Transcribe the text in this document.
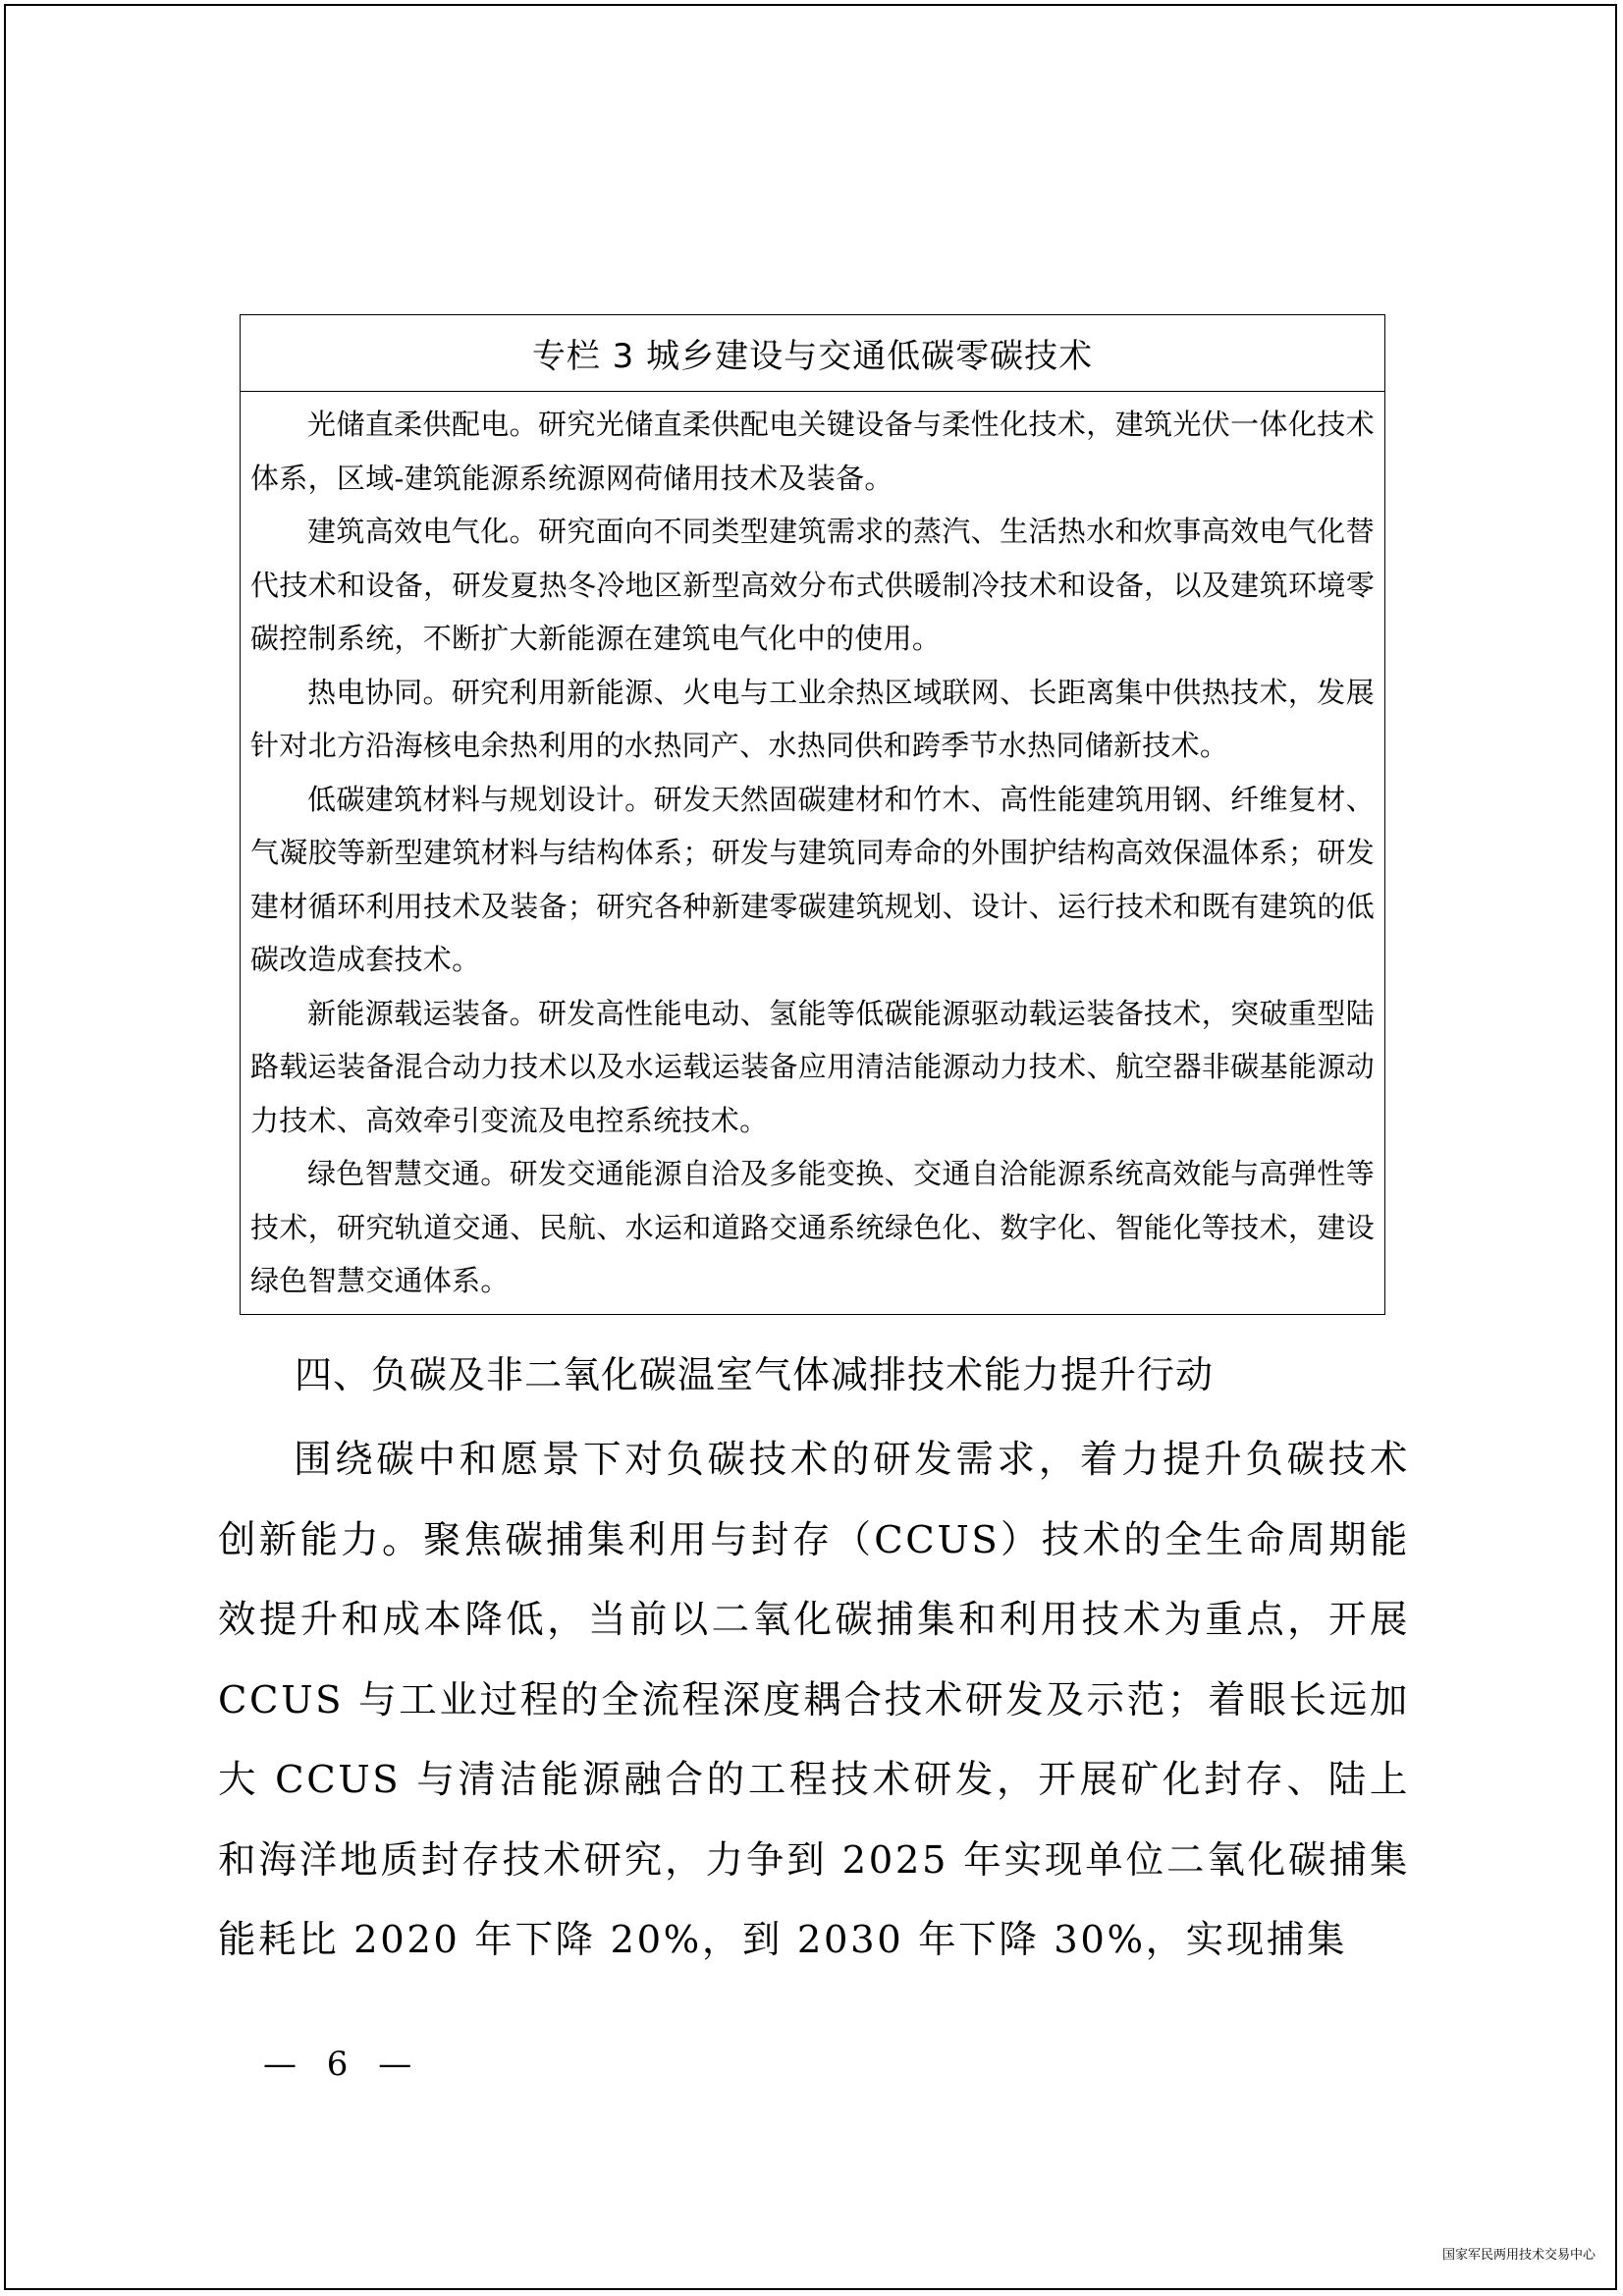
专栏 3 城乡建设与交通低碳零碳技术

光储直柔供配电。研究光储直柔供配电关键设备与柔性化技术，建筑光伏一体化技术体系，区域-建筑能源系统源网荷储用技术及装备。

建筑高效电气化。研究面向不同类型建筑需求的蒸汽、生活热水和炊事高效电气化替代技术和设备，研发夏热冬冷地区新型高效分布式供暖制冷技术和设备，以及建筑环境零碳控制系统，不断扩大新能源在建筑电气化中的使用。

热电协同。研究利用新能源、火电与工业余热区域联网、长距离集中供热技术，发展针对北方沿海核电余热利用的水热同产、水热同供和跨季节水热同储新技术。

低碳建筑材料与规划设计。研发天然固碳建材和竹木、高性能建筑用钢、纤维复材、气凝胶等新型建筑材料与结构体系；研发与建筑同寿命的外围护结构高效保温体系；研发建材循环利用技术及装备；研究各种新建零碳建筑规划、设计、运行技术和既有建筑的低碳改造成套技术。

新能源载运装备。研发高性能电动、氢能等低碳能源驱动载运装备技术，突破重型陆路载运装备混合动力技术以及水运载运装备应用清洁能源动力技术、航空器非碳基能源动力技术、高效牵引变流及电控系统技术。

绿色智慧交通。研发交通能源自洽及多能变换、交通自洽能源系统高效能与高弹性等技术，研究轨道交通、民航、水运和道路交通系统绿色化、数字化、智能化等技术，建设绿色智慧交通体系。

四、负碳及非二氧化碳温室气体减排技术能力提升行动

围绕碳中和愿景下对负碳技术的研发需求，着力提升负碳技术创新能力。聚焦碳捕集利用与封存（CCUS）技术的全生命周期能效提升和成本降低，当前以二氧化碳捕集和利用技术为重点，开展 CCUS 与工业过程的全流程深度耦合技术研发及示范；着眼长远加大 CCUS 与清洁能源融合的工程技术研发，开展矿化封存、陆上和海洋地质封存技术研究，力争到 2025 年实现单位二氧化碳捕集能耗比 2020 年下降 20%，到 2030 年下降 30%，实现捕集

— 6 —
国家军民两用技术交易中心
